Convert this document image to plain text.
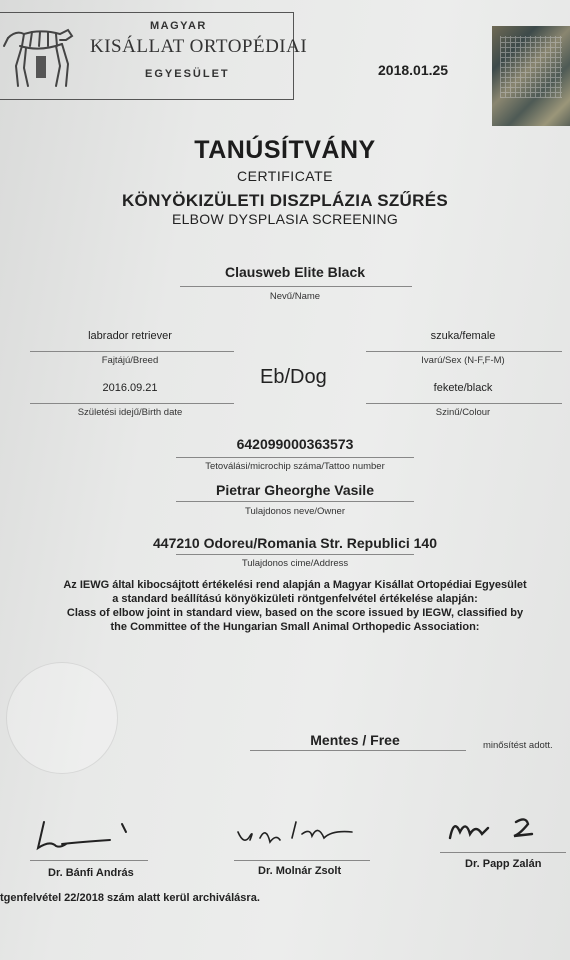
MAGYAR
KISÁLLAT ORTOPÉDIAI
EGYESÜLET	2018.01.25
TANÚSÍTVÁNY
CERTIFICATE
KÖNYÖKIZÜLETI DISZPLÁZIA SZŰRÉS
ELBOW DYSPLASIA SCREENING
Clausweb Elite Black
Nevű/Name
labrador retriever
Fajtájú/Breed
szuka/female
Ivarú/Sex (N-F,F-M)
Eb/Dog
2016.09.21
Születési idejű/Birth date
fekete/black
Szinű/Colour
642099000363573
Tetoválási/microchip száma/Tattoo number
Pietrar Gheorghe Vasile
Tulajdonos neve/Owner
447210 Odoreu/Romania Str. Republici 140
Tulajdonos cime/Address
Az IEWG által kibocsájtott értékelési rend alapján a Magyar Kisállat Ortopédiai Egyesület
a standard beállítású könyökizületi röntgenfelvétel értékelése alapján:
Class of elbow joint in standard view, based on the score issued by IEGW, classified by
the Committee of the Hungarian Small Animal Orthopedic Association:
Mentes / Free	minősítést adott.
Dr. Bánfi András	Dr. Molnár Zsolt
Dr. Papp Zalán
tgenfelvétel 22/2018 szám alatt kerül archiválásra.
